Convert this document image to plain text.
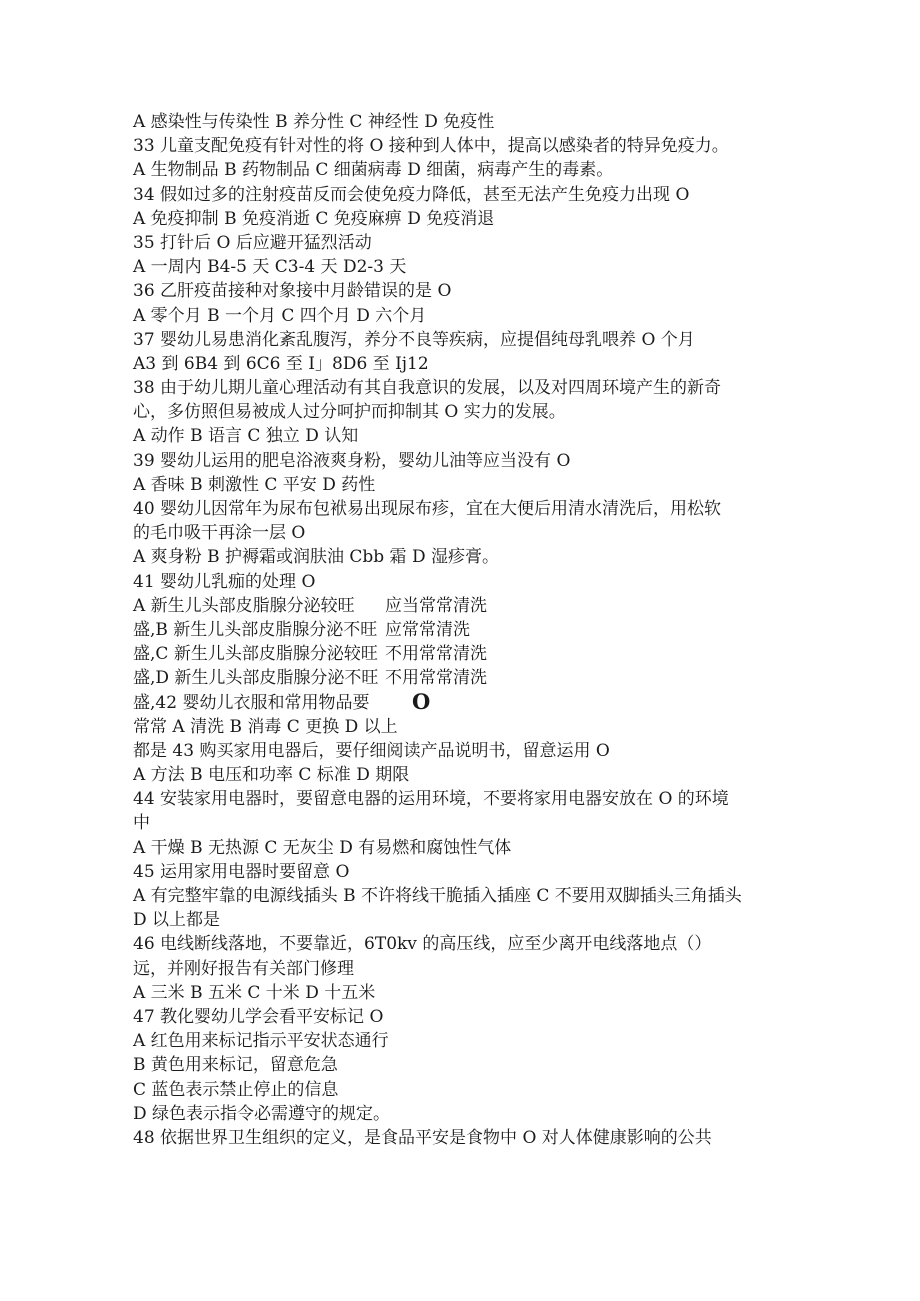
A 感染性与传染性 B 养分性 C 神经性 D 免疫性
33 儿童支配免疫有针对性的将 O 接种到人体中，提高以感染者的特异免疫力。
A 生物制品 B 药物制品 C 细菌病毒 D 细菌，病毒产生的毒素。
34 假如过多的注射疫苗反而会使免疫力降低，甚至无法产生免疫力出现 O
A 免疫抑制 B 免疫消逝 C 免疫麻痹 D 免疫消退
35 打针后 O 后应避开猛烈活动
A 一周内 B4-5 天 C3-4 天 D2-3 天
36 乙肝疫苗接种对象接中月龄错误的是 O
A 零个月 B 一个月 C 四个月 D 六个月
37 婴幼儿易患消化紊乱腹泻，养分不良等疾病，应提倡纯母乳喂养 O 个月
A3 到 6B4 到 6C6 至 I」8D6 至 Ij12
38 由于幼儿期儿童心理活动有其自我意识的发展，以及对四周环境产生的新奇
心，多仿照但易被成人过分呵护而抑制其 O 实力的发展。
A 动作 B 语言 C 独立 D 认知
39 婴幼儿运用的肥皂浴液爽身粉，婴幼儿油等应当没有 O
A 香味 B 刺激性 C 平安 D 药性
40 婴幼儿因常年为尿布包袱易出现尿布疹，宜在大便后用清水清洗后，用松软
的毛巾吸干再涂一层 O
A 爽身粉 B 护褥霜或润肤油 Cbb 霜 D 湿疹膏。
41 婴幼儿乳痂的处理 O
A 新生儿头部皮脂腺分泌较旺 应当常常清洗
盛,B 新生儿头部皮脂腺分泌不旺 应常常清洗
盛,C 新生儿头部皮脂腺分泌较旺 不用常常清洗
盛,D 新生儿头部皮脂腺分泌不旺 不用常常清洗
盛,42 婴幼儿衣服和常用物品要 O
常常 A 清洗 B 消毒 C 更换 D 以上
都是 43 购买家用电器后，要仔细阅读产品说明书，留意运用 O
A 方法 B 电压和功率 C 标准 D 期限
44 安装家用电器时，要留意电器的运用环境，不要将家用电器安放在 O 的环境
中
A 干燥 B 无热源 C 无灰尘 D 有易燃和腐蚀性气体
45 运用家用电器时要留意 O
A 有完整牢靠的电源线插头 B 不许将线干脆插入插座 C 不要用双脚插头三角插头
D 以上都是
46 电线断线落地，不要靠近，6T0kv 的高压线，应至少离开电线落地点（）
远，并刚好报告有关部门修理
A 三米 B 五米 C 十米 D 十五米
47 教化婴幼儿学会看平安标记 O
A 红色用来标记指示平安状态通行
B 黄色用来标记，留意危急
C 蓝色表示禁止停止的信息
D 绿色表示指令必需遵守的规定。
48 依据世界卫生组织的定义，是食品平安是食物中 O 对人体健康影响的公共
